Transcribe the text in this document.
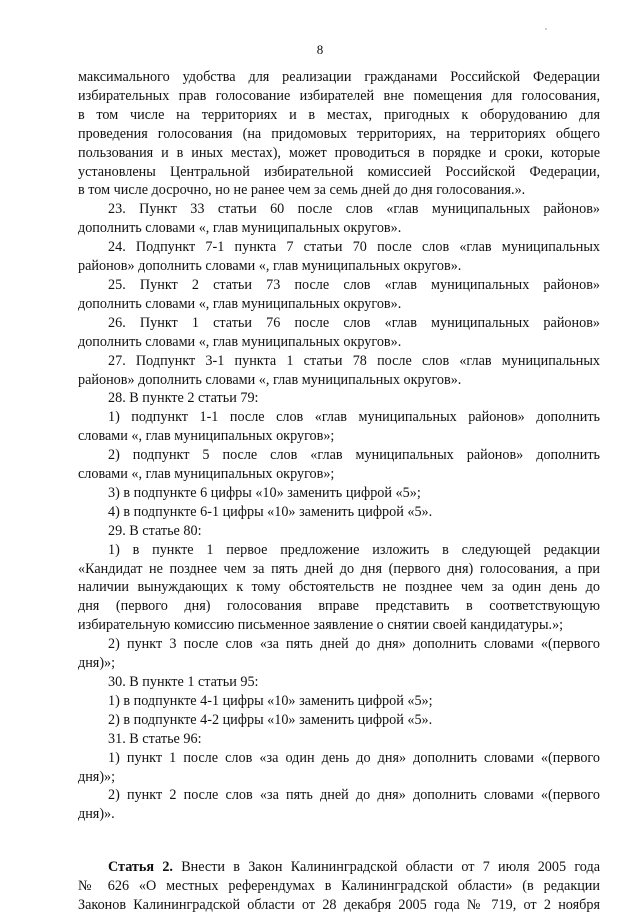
8

максимального удобства для реализации гражданами Российской Федерации

избирательных прав голосование избирателей вне помещения для голосования,

в том числе на территориях и в местах, пригодных к оборудованию для

проведения голосования (на придомовых территориях, на территориях общего

пользования и в иных местах), может проводиться в порядке и сроки, которые

установлены Центральной избирательной комиссией Российской Федерации,

в том числе досрочно, но не ранее чем за семь дней до дня голосования.».

23. Пункт 33 статьи 60 после слов «глав муниципальных районов»

дополнить словами «, глав муниципальных округов».

24. Подпункт 7-1 пункта 7 статьи 70 после слов «глав муниципальных

районов» дополнить словами «, глав муниципальных округов».

25. Пункт 2 статьи 73 после слов «глав муниципальных районов»

дополнить словами «, глав муниципальных округов».

26. Пункт 1 статьи 76 после слов «глав муниципальных районов»

дополнить словами «, глав муниципальных округов».

27. Подпункт 3-1 пункта 1 статьи 78 после слов «глав муниципальных

районов» дополнить словами «, глав муниципальных округов».

28. В пункте 2 статьи 79:

1) подпункт 1-1 после слов «глав муниципальных районов» дополнить

словами «, глав муниципальных округов»;

2) подпункт 5 после слов «глав муниципальных районов» дополнить

словами «, глав муниципальных округов»;

3) в подпункте 6 цифры «10» заменить цифрой «5»;

4) в подпункте 6-1 цифры «10» заменить цифрой «5».

29. В статье 80:

1) в пункте 1 первое предложение изложить в следующей редакции

«Кандидат не позднее чем за пять дней до дня (первого дня) голосования, а при

наличии вынуждающих к тому обстоятельств не позднее чем за один день до

дня (первого дня) голосования вправе представить в соответствующую

избирательную комиссию письменное заявление о снятии своей кандидатуры.»;

2) пункт 3 после слов «за пять дней до дня» дополнить словами «(первого

дня)»;

30. В пункте 1 статьи 95:

1) в подпункте 4-1 цифры «10» заменить цифрой «5»;

2) в подпункте 4-2 цифры «10» заменить цифрой «5».

31. В статье 96:

1) пункт 1 после слов «за один день до дня» дополнить словами «(первого

дня)»;

2) пункт 2 после слов «за пять дней до дня» дополнить словами «(первого

дня)».

Статья 2. Внести в Закон Калининградской области от 7 июля 2005 года

№ 626 «О местных референдумах в Калининградской области» (в редакции

Законов Калининградской области от 28 декабря 2005 года № 719, от 2 ноября
